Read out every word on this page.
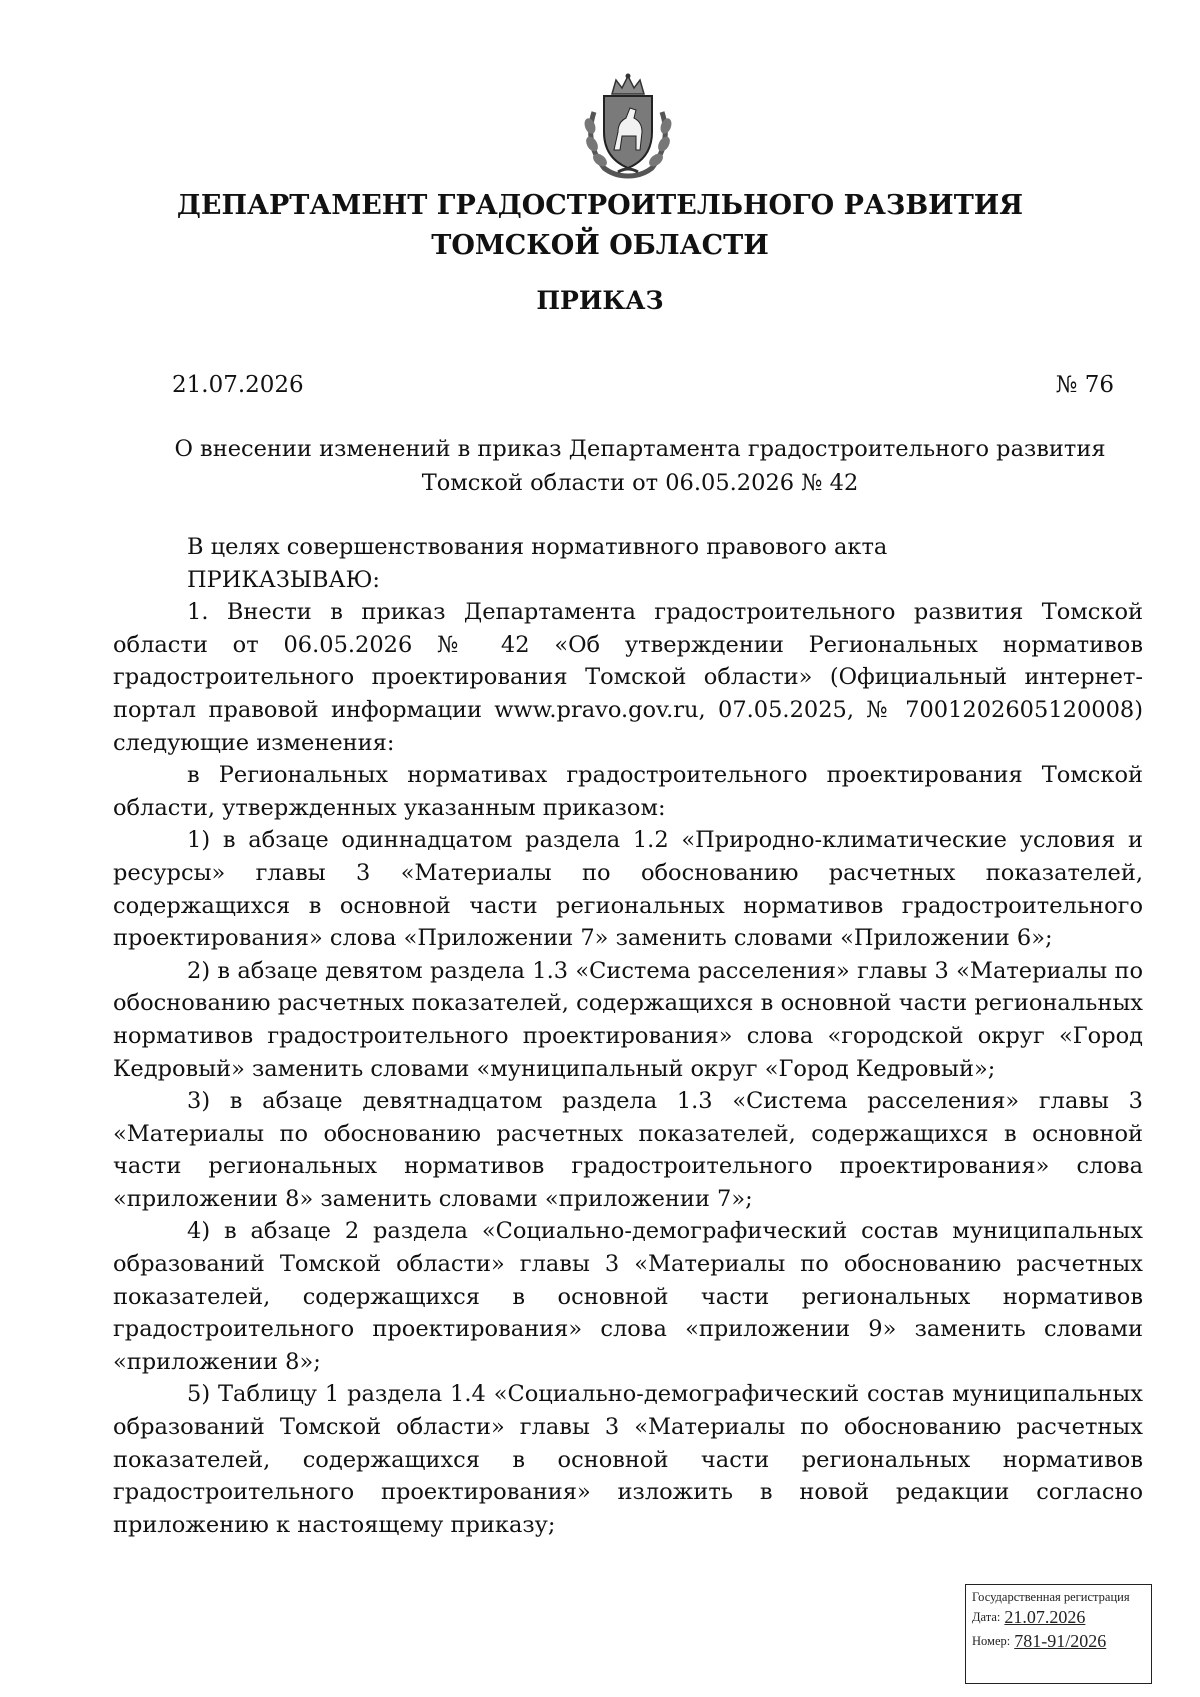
ДЕПАРТАМЕНТ ГРАДОСТРОИТЕЛЬНОГО РАЗВИТИЯ
ТОМСКОЙ ОБЛАСТИ
ПРИКАЗ
21.07.2026	№ 76
О внесении изменений в приказ Департамента градостроительного развития
Томской области от 06.05.2026 № 42

В целях совершенствования нормативного правового акта

ПРИКАЗЫВАЮ:

1. Внести в приказ Департамента градостроительного развития Томской области от 06.05.2026 № 42 «Об утверждении Региональных нормативов градостроительного проектирования Томской области» (Официальный интернет-портал правовой информации www.pravo.gov.ru, 07.05.2025, № 7001202605120008) следующие изменения:

в Региональных нормативах градостроительного проектирования Томской области, утвержденных указанным приказом:

1) в абзаце одиннадцатом раздела 1.2 «Природно-климатические условия и ресурсы» главы 3 «Материалы по обоснованию расчетных показателей, содержащихся в основной части региональных нормативов градостроительного проектирования» слова «Приложении 7» заменить словами «Приложении 6»;

2) в абзаце девятом раздела 1.3 «Система расселения» главы 3 «Материалы по обоснованию расчетных показателей, содержащихся в основной части региональных нормативов градостроительного проектирования» слова «городской округ «Город Кедровый» заменить словами «муниципальный округ «Город Кедровый»;

3) в абзаце девятнадцатом раздела 1.3 «Система расселения» главы 3 «Материалы по обоснованию расчетных показателей, содержащихся в основной части региональных нормативов градостроительного проектирования» слова «приложении 8» заменить словами «приложении 7»;

4) в абзаце 2 раздела «Социально-демографический состав муниципальных образований Томской области» главы 3 «Материалы по обоснованию расчетных показателей, содержащихся в основной части региональных нормативов градостроительного проектирования» слова «приложении 9» заменить словами «приложении 8»;

5) Таблицу 1 раздела 1.4 «Социально-демографический состав муниципальных образований Томской области» главы 3 «Материалы по обоснованию расчетных показателей, содержащихся в основной части региональных нормативов градостроительного проектирования» изложить в новой редакции согласно приложению к настоящему приказу;

Государственная регистрация
Дата: 21.07.2026
Номер: 781-91/2026
